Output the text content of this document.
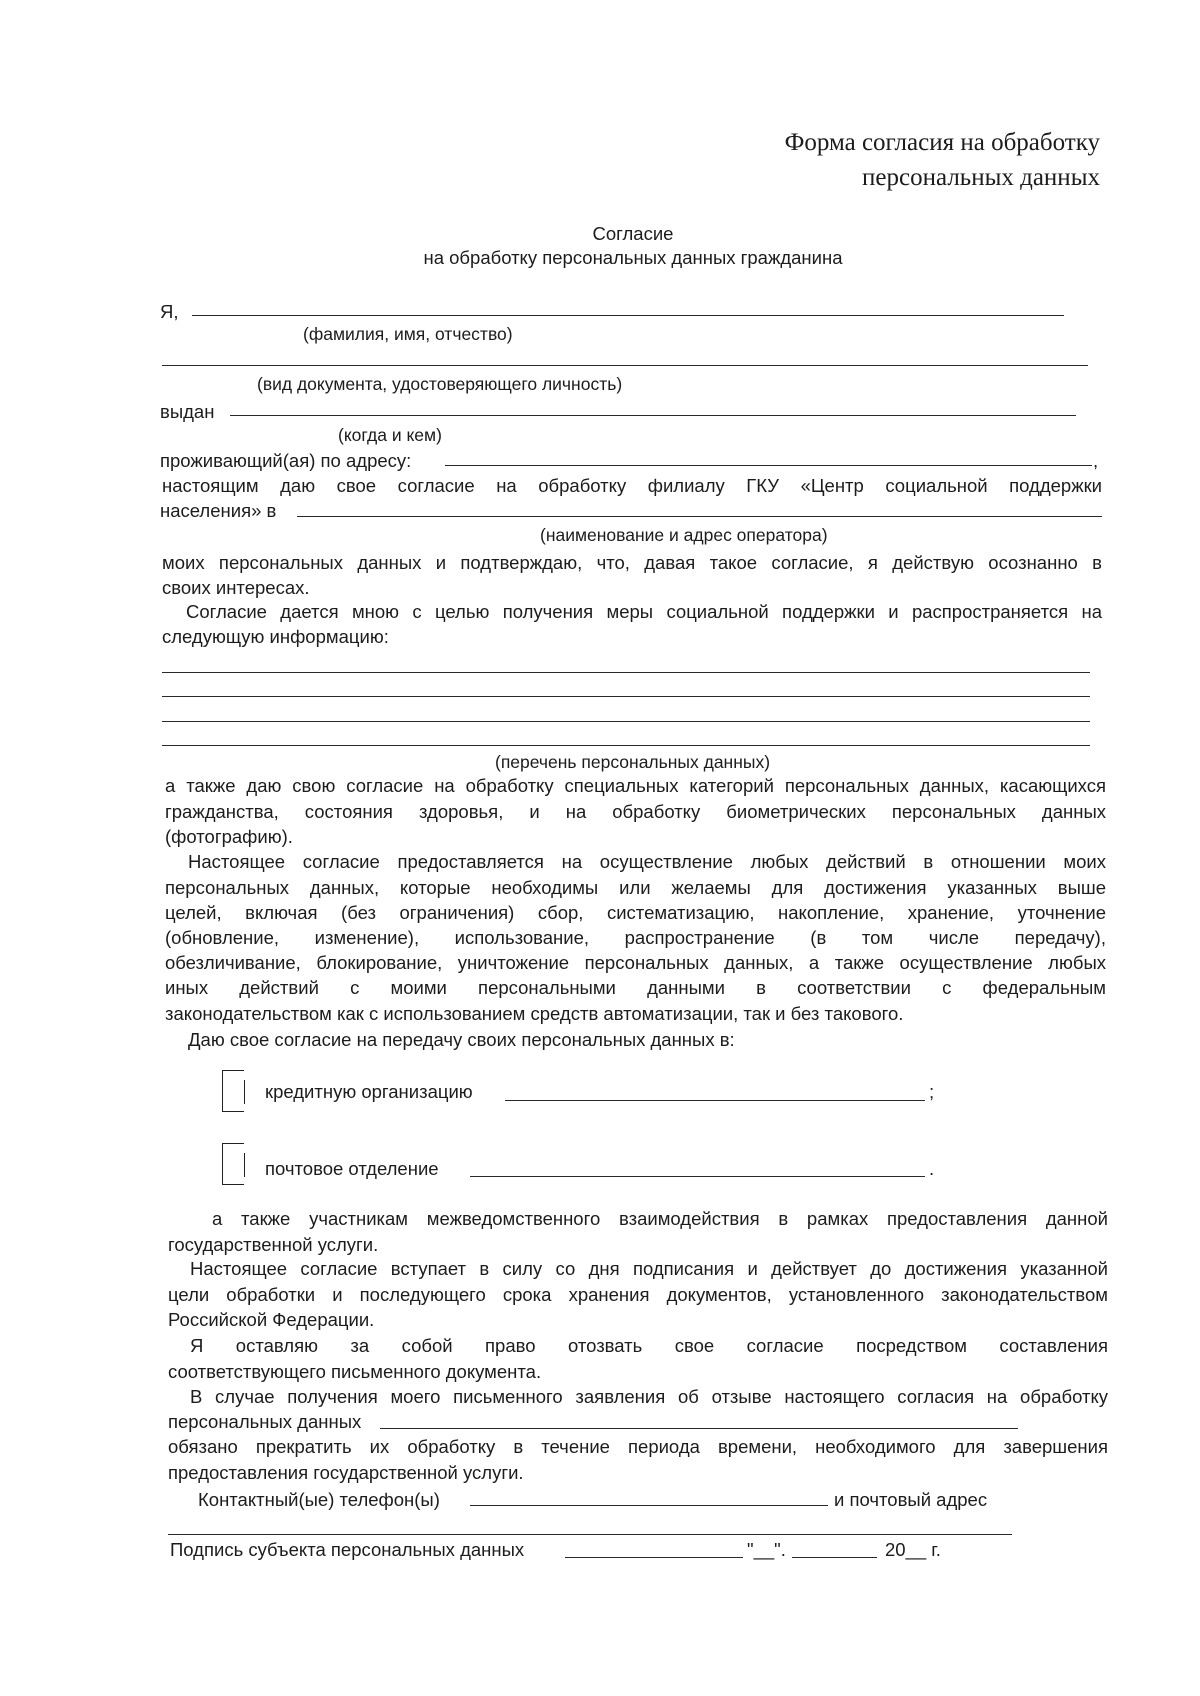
Форма согласия на обработку
персональных данных
Согласие
на обработку персональных данных гражданина
Я,
(фамилия, имя, отчество)
(вид документа, удостоверяющего личность)
выдан
(когда и кем)
проживающий(ая) по адресу:	,
настоящим даю свое согласие на обработку филиалу ГКУ «Центр социальной поддержки
населения» в
(наименование и адрес оператора)
моих персональных данных и подтверждаю, что, давая такое согласие, я действую осознанно в
своих интересах.
Согласие дается мною с целью получения меры социальной поддержки и распространяется на
следующую информацию:
(перечень персональных данных)
а также даю свою согласие на обработку специальных категорий персональных данных, касающихся
гражданства, состояния здоровья, и на обработку биометрических персональных данных
(фотографию).
Настоящее согласие предоставляется на осуществление любых действий в отношении моих
персональных данных, которые необходимы или желаемы для достижения указанных выше
целей, включая (без ограничения) сбор, систематизацию, накопление, хранение, уточнение
(обновление, изменение), использование, распространение (в том числе передачу),
обезличивание, блокирование, уничтожение персональных данных, а также осуществление любых
иных действий с моими персональными данными в соответствии с федеральным
законодательством как с использованием средств автоматизации, так и без такового.
Даю свое согласие на передачу своих персональных данных в:
кредитную организацию	;
почтовое отделение	.
а также участникам межведомственного взаимодействия в рамках предоставления данной
государственной услуги.
Настоящее согласие вступает в силу со дня подписания и действует до достижения указанной
цели обработки и последующего срока хранения документов, установленного законодательством
Российской Федерации.
Я оставляю за собой право отозвать свое согласие посредством составления
соответствующего письменного документа.
В случае получения моего письменного заявления об отзыве настоящего согласия на обработку
персональных данных
обязано прекратить их обработку в течение периода времени, необходимого для завершения
предоставления государственной услуги.
Контактный(ые) телефон(ы)	и почтовый адрес
Подпись субъекта персональных данных	"__".	20__ г.
